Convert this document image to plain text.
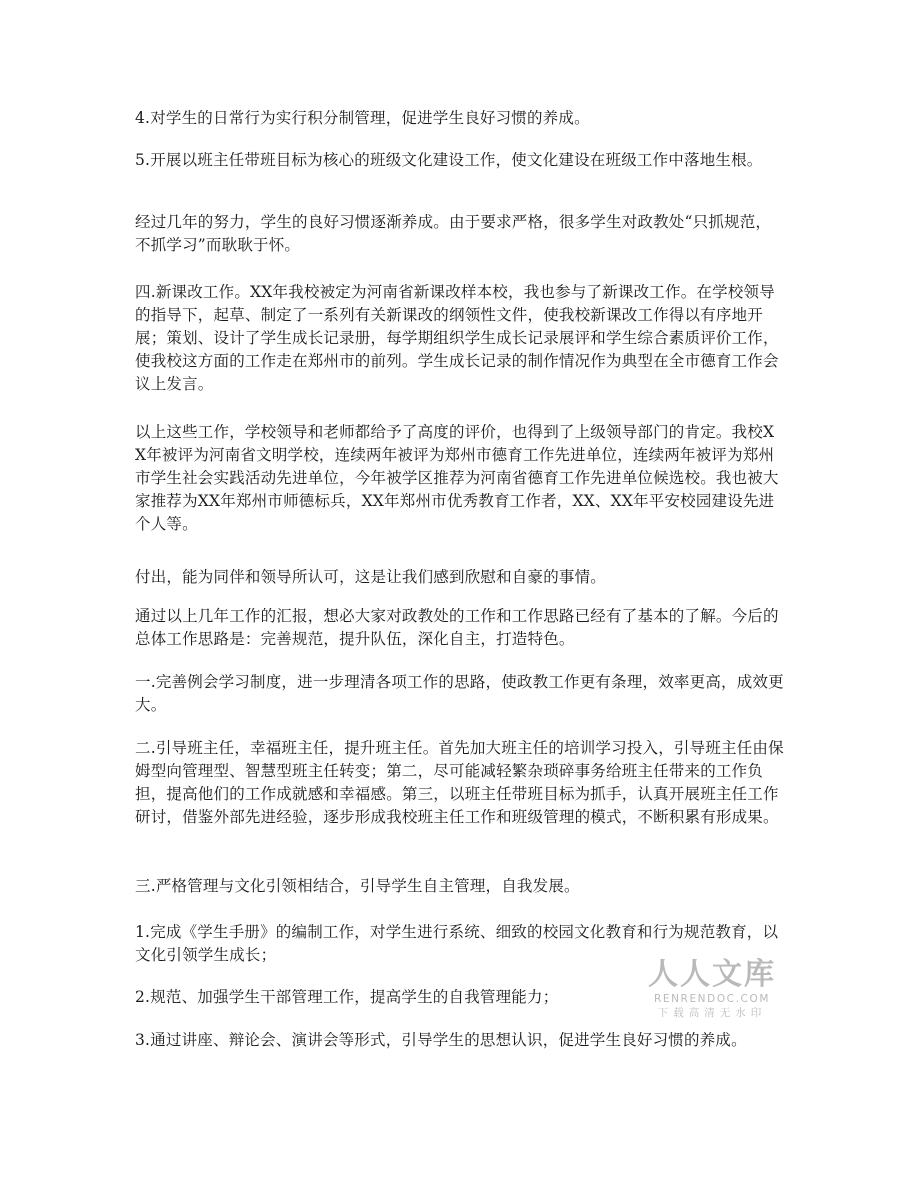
4.对学生的日常行为实行积分制管理，促进学生良好习惯的养成。

5.开展以班主任带班目标为核心的班级文化建设工作，使文化建设在班级工作中落地生根。

经过几年的努力，学生的良好习惯逐渐养成。由于要求严格，很多学生对政教处“只抓规范，不抓学习”而耿耿于怀。

四.新课改工作。XX年我校被定为河南省新课改样本校，我也参与了新课改工作。在学校领导的指导下，起草、制定了一系列有关新课改的纲领性文件，使我校新课改工作得以有序地开展；策划、设计了学生成长记录册，每学期组织学生成长记录展评和学生综合素质评价工作，使我校这方面的工作走在郑州市的前列。学生成长记录的制作情况作为典型在全市德育工作会议上发言。

以上这些工作，学校领导和老师都给予了高度的评价，也得到了上级领导部门的肯定。我校XX年被评为河南省文明学校，连续两年被评为郑州市德育工作先进单位，连续两年被评为郑州市学生社会实践活动先进单位，今年被学区推荐为河南省德育工作先进单位候选校。我也被大家推荐为XX年郑州市师德标兵，XX年郑州市优秀教育工作者，XX、XX年平安校园建设先进个人等。

付出，能为同伴和领导所认可，这是让我们感到欣慰和自豪的事情。

通过以上几年工作的汇报，想必大家对政教处的工作和工作思路已经有了基本的了解。今后的总体工作思路是：完善规范，提升队伍，深化自主，打造特色。

一.完善例会学习制度，进一步理清各项工作的思路，使政教工作更有条理，效率更高，成效更大。

二.引导班主任，幸福班主任，提升班主任。首先加大班主任的培训学习投入，引导班主任由保姆型向管理型、智慧型班主任转变；第二，尽可能减轻繁杂琐碎事务给班主任带来的工作负担，提高他们的工作成就感和幸福感。第三，以班主任带班目标为抓手，认真开展班主任工作研讨，借鉴外部先进经验，逐步形成我校班主任工作和班级管理的模式，不断积累有形成果。

三.严格管理与文化引领相结合，引导学生自主管理，自我发展。

1.完成《学生手册》的编制工作，对学生进行系统、细致的校园文化教育和行为规范教育，以文化引领学生成长；

2.规范、加强学生干部管理工作，提高学生的自我管理能力；

3.通过讲座、辩论会、演讲会等形式，引导学生的思想认识，促进学生良好习惯的养成。

人人文库
RENRENDOC.COM
下载高清无水印
